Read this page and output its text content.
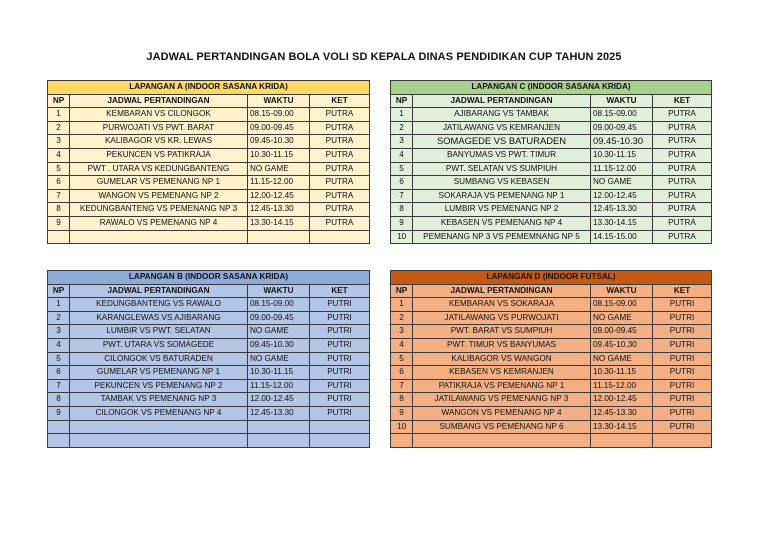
JADWAL PERTANDINGAN BOLA VOLI SD KEPALA DINAS PENDIDIKAN CUP TAHUN 2025
LAPANGAN A (INDOOR SASANA KRIDA)			
NP	JADWAL PERTANDINGAN	WAKTU	KET
1	KEMBARAN VS CILONGOK	08.15-09.00	PUTRA
2	PURWOJATI VS PWT. BARAT	09.00-09.45	PUTRA
3	KALIBAGOR VS KR. LEWAS	09.45-10.30	PUTRA
4	PEKUNCEN VS PATIKRAJA	10.30-11.15	PUTRA
5	PWT . UTARA VS KEDUNGBANTENG	NO GAME	PUTRA
6	GUMELAR VS PEMENANG NP 1	11.15-12.00	PUTRA
7	WANGON VS PEMENANG NP 2	12.00-12.45	PUTRA
8	KEDUNGBANTENG VS PEMENANG NP 3	12.45-13.30	PUTRA
9	RAWALO VS PEMENANG NP 4	13.30-14.15	PUTRA

LAPANGAN C (INDOOR SASANA KRIDA)			
NP	JADWAL PERTANDINGAN	WAKTU	KET
1	AJIBARANG VS TAMBAK	08.15-09.00	PUTRA
2	JATILAWANG VS KEMRANJEN	09.00-09.45	PUTRA
3	SOMAGEDE VS BATURADEN	09.45-10.30	PUTRA
4	BANYUMAS VS PWT. TIMUR	10.30-11.15	PUTRA
5	PWT. SELATAN VS SUMPIUH	11.15-12.00	PUTRA
6	SUMBANG VS KEBASEN	NO GAME	PUTRA
7	SOKARAJA VS PEMENANG NP 1	12.00-12.45	PUTRA
8	LUMBIR VS PEMENANG NP 2	12.45-13.30	PUTRA
9	KEBASEN VS PEMENANG NP 4	13.30-14.15	PUTRA
10	PEMENANG NP 3 VS PEMEMNANG NP 5	14.15-15.00	PUTRA
LAPANGAN B (INDOOR SASANA KRIDA)			
NP	JADWAL PERTANDINGAN	WAKTU	KET
1	KEDUNGBANTENG VS RAWALO	08.15-09.00	PUTRI
2	KARANGLEWAS VS AJIBARANG	09.00-09.45	PUTRI
3	LUMBIR VS PWT. SELATAN	NO GAME	PUTRI
4	PWT. UTARA VS SOMAGEDE	09.45-10.30	PUTRI
5	CILONGOK VS BATURADEN	NO GAME	PUTRI
6	GUMELAR VS PEMENANG NP 1	10.30-11.15	PUTRI
7	PEKUNCEN VS PEMENANG NP 2	11.15-12.00	PUTRI
8	TAMBAK VS PEMENANG NP 3	12.00-12.45	PUTRI
9	CILONGOK VS PEMENANG NP 4	12.45-13.30	PUTRI

LAPANGAN D (INDOOR FUTSAL)			
NP	JADWAL PERTANDINGAN	WAKTU	KET
1	KEMBARAN VS SOKARAJA	08.15-09.00	PUTRI
2	JATILAWANG VS PURWOJATI	NO GAME	PUTRI
3	PWT. BARAT VS SUMPIUH	09.00-09.45	PUTRI
4	PWT. TIMUR VS BANYUMAS	09.45-10.30	PUTRI
5	KALIBAGOR VS WANGON	NO GAME	PUTRI
6	KEBASEN VS KEMRANJEN	10.30-11.15	PUTRI
7	PATIKRAJA VS PEMENANG NP 1	11.15-12.00	PUTRI
8	JATILAWANG VS PEMENANG NP 3	12.00-12.45	PUTRI
9	WANGON VS PEMENANG NP 4	12.45-13.30	PUTRI
10	SUMBANG VS PEMENANG NP 6	13.30-14.15	PUTRI
